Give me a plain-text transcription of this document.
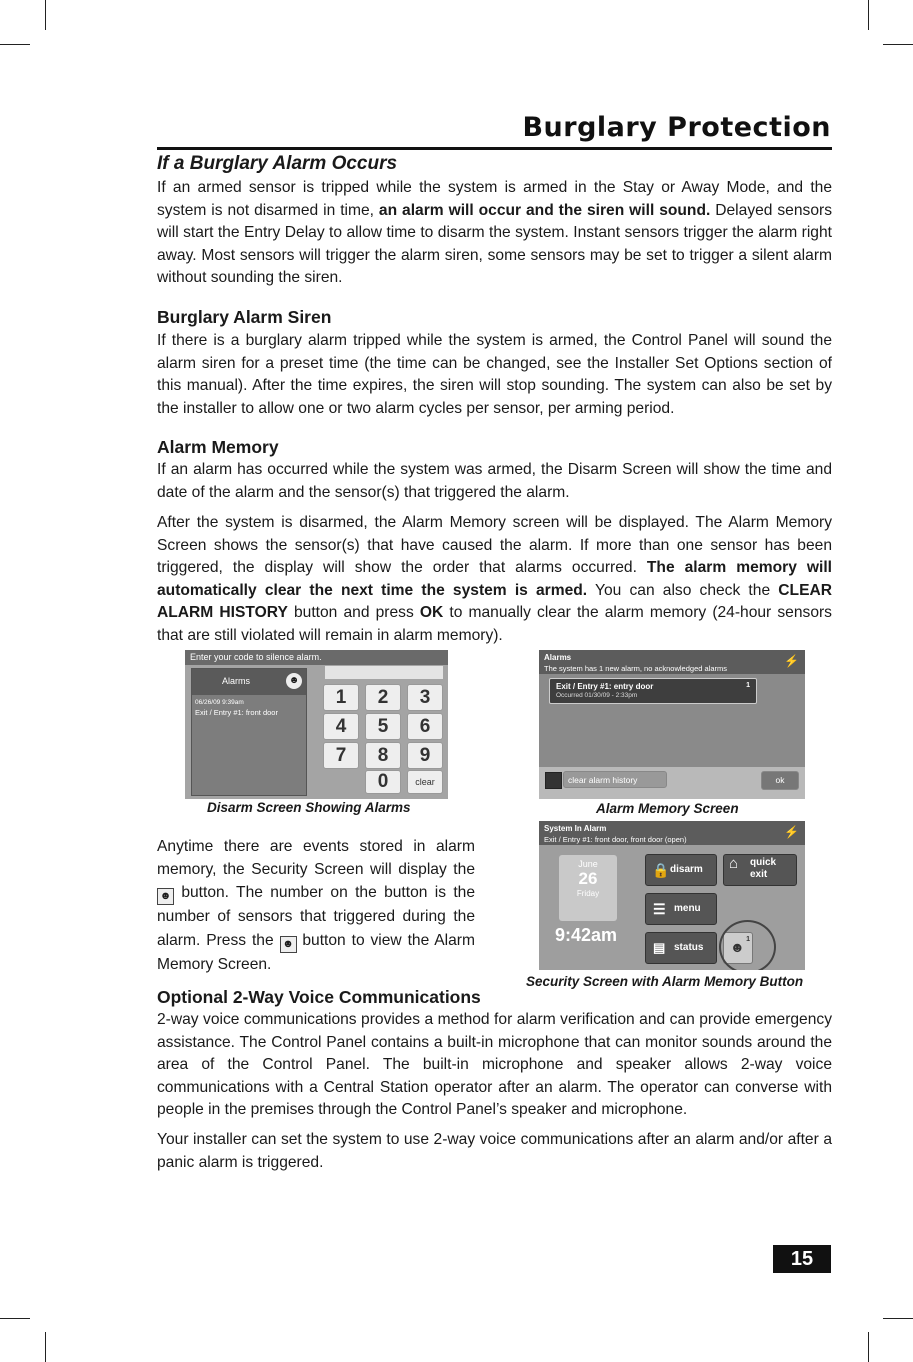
Burglary Protection
If a Burglary Alarm Occurs
If an armed sensor is tripped while the system is armed in the Stay or Away Mode, and the system is not disarmed in time, an alarm will occur and the siren will sound. Delayed sensors will start the Entry Delay to allow time to disarm the system. Instant sensors trigger the alarm right away. Most sensors will trigger the alarm siren, some sensors may be set to trigger a silent alarm without sounding the siren.
Burglary Alarm Siren
If there is a burglary alarm tripped while the system is armed, the Control Panel will sound the alarm siren for a preset time (the time can be changed, see the Installer Set Options section of this manual). After the time expires, the siren will stop sounding. The system can also be set by the installer to allow one or two alarm cycles per sensor, per arming period.
Alarm Memory
If an alarm has occurred while the system was armed, the Disarm Screen will show the time and date of the alarm and the sensor(s) that triggered the alarm.
After the system is disarmed, the Alarm Memory screen will be displayed. The Alarm Memory Screen shows the sensor(s) that have caused the alarm. If more than one sensor has been triggered, the display will show the order that alarms occurred. The alarm memory will automatically clear the next time the system is armed. You can also check the CLEAR ALARM HISTORY button and press OK to manually clear the alarm memory (24-hour sensors that are still violated will remain in alarm memory).
Enter your code to silence alarm.
Alarms	☻
06/26/09 9:39am
Exit / Entry #1: front door
1	2	3
4	5	6
7	8	9
0	clear
Disarm Screen Showing Alarms
Alarms
The system has 1 new alarm, no acknowledged alarms
⚡
Exit / Entry #1: entry door	1
Occurred 01/30/09 - 2:33pm
clear alarm history	ok
Alarm Memory Screen
System In Alarm
Exit / Entry #1: front door, front door (open)
⚡
June
26
Friday
9:42am
🔒 disarm	⌂ quick exit
☰ menu
▤ status	☻ 1
Security Screen with Alarm Memory Button
Anytime there are events stored in alarm memory, the Security Screen will display the ☻ button. The number on the button is the number of sensors that triggered during the alarm. Press the ☻ button to view the Alarm Memory Screen.
Optional 2-Way Voice Communications
2-way voice communications provides a method for alarm verification and can provide emergency assistance. The Control Panel contains a built-in microphone that can monitor sounds around the area of the Control Panel. The built-in microphone and speaker allows 2-way voice communications with a Central Station operator after an alarm. The operator can converse with people in the premises through the Control Panel’s speaker and microphone.
Your installer can set the system to use 2-way voice communications after an alarm and/or after a panic alarm is triggered.
15
